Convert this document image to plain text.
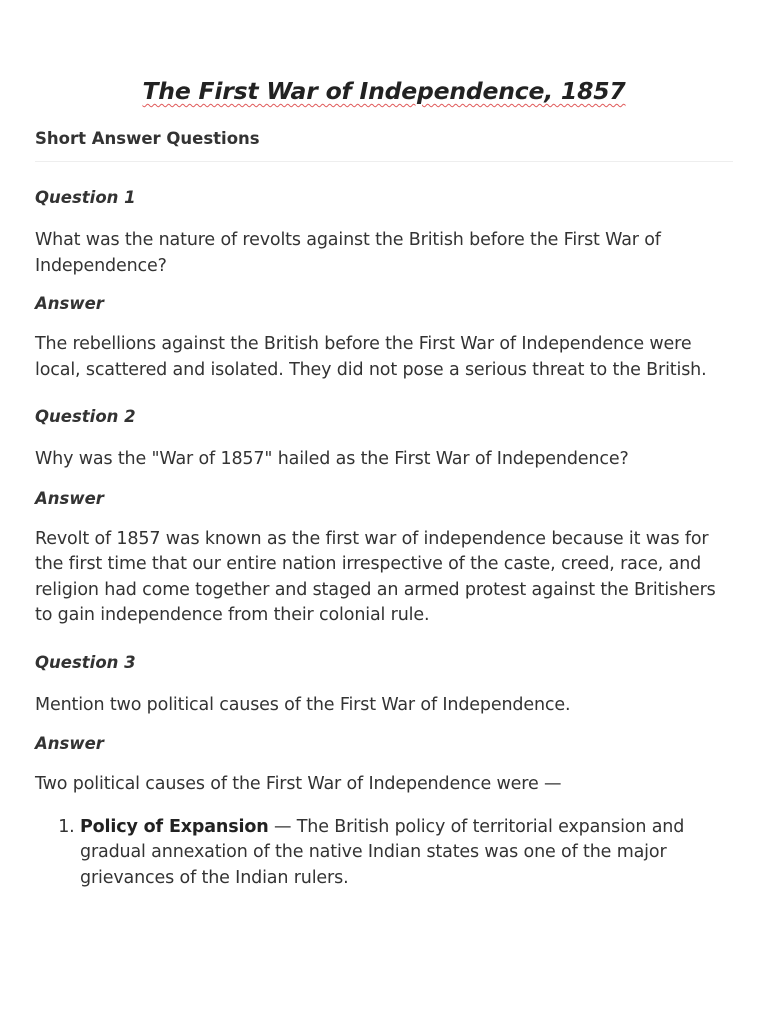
The First War of Independence, 1857
Short Answer Questions

Question 1

What was the nature of revolts against the British before the First War of Independence?

Answer

The rebellions against the British before the First War of Independence were local, scattered and isolated. They did not pose a serious threat to the British.

Question 2

Why was the "War of 1857" hailed as the First War of Independence?

Answer

Revolt of 1857 was known as the first war of independence because it was for the first time that our entire nation irrespective of the caste, creed, race, and religion had come together and staged an armed protest against the Britishers to gain independence from their colonial rule.

Question 3

Mention two political causes of the First War of Independence.

Answer

Two political causes of the First War of Independence were —

1. Policy of Expansion — The British policy of territorial expansion and gradual annexation of the native Indian states was one of the major grievances of the Indian rulers.
